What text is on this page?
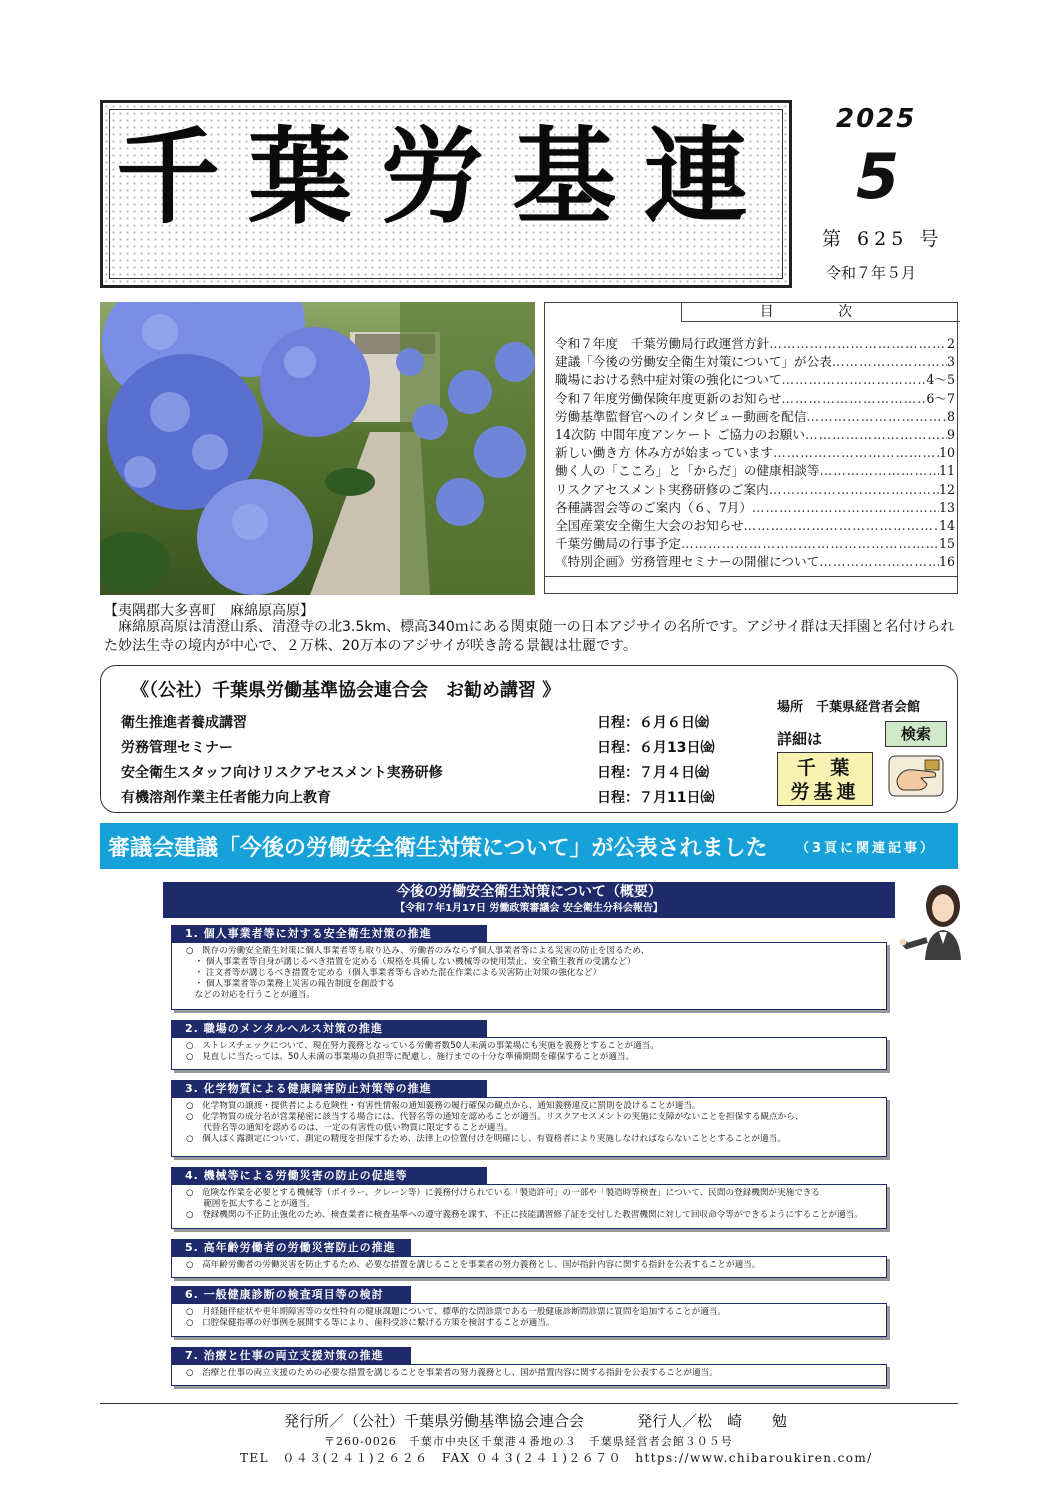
千葉労基連	2025
5
第 625 号
令和７年５月
目 次
令和７年度　千葉労働局行政運営方針 …………………………………………………………	2
建議「今後の労働安全衛生対策について」が公表 …………………………………………………………	3
職場における熱中症対策の強化について …………………………………………………………	4～5
令和７年度労働保険年度更新のお知らせ …………………………………………………………	6～7
労働基準監督官へのインタビュー動画を配信 …………………………………………………………	8
14次防 中間年度アンケート ご協力のお願い …………………………………………………………	9
新しい働き方 休み方が始まっています …………………………………………………………	10
働く人の「こころ」と「からだ」の健康相談等 …………………………………………………………	11
リスクアセスメント実務研修のご案内 …………………………………………………………	12
各種講習会等のご案内（６、7月） …………………………………………………………	13
全国産業安全衛生大会のお知らせ …………………………………………………………	14
千葉労働局の行事予定 …………………………………………………………	15
《特別企画》労務管理セミナーの開催について …………………………………………………………	16
【夷隅郡大多喜町　麻綿原高原】
麻綿原高原は清澄山系、清澄寺の北3.5km、標高340ｍにある関東随一の日本アジサイの名所です。アジサイ群は天拝園と名付けられた妙法生寺の境内が中心で、２万株、20万本のアジサイが咲き誇る景観は壮麗です。
《（公社）千葉県労働基準協会連合会　お勧め講習 》
衛生推進者養成講習	日程：６月６日㈮
労務管理セミナー	日程：６月13日㈮
安全衛生スタッフ向けリスクアセスメント実務研修	日程：７月４日㈮
有機溶剤作業主任者能力向上教育	日程：７月11日㈮
場所　千葉県経営者会館
詳細は	検索
千 葉
労基連
審議会建議「今後の労働安全衛生対策について」が公表されました （3頁に関連記事）
今後の労働安全衛生対策について（概要）
【令和７年1月17日 労働政策審議会 安全衛生分科会報告】
1. 個人事業者等に対する安全衛生対策の推進
○　既存の労働安全衛生対策に個人事業者等も取り込み、労働者のみならず個人事業者等による災害の防止を図るため、
　・ 個人事業者等自身が講じるべき措置を定める（規格を具備しない機械等の使用禁止、安全衛生教育の受講など）
　・ 注文者等が講じるべき措置を定める（個人事業者等も含めた混在作業による災害防止対策の強化など）
　・ 個人事業者等の業務上災害の報告制度を創設する
　などの対応を行うことが適当。
2. 職場のメンタルヘルス対策の推進
○　ストレスチェックについて、現在努力義務となっている労働者数50人未満の事業場にも実施を義務とすることが適当。
○　見直しに当たっては、50人未満の事業場の負担等に配慮し、施行までの十分な準備期間を確保することが適当。
3. 化学物質による健康障害防止対策等の推進
○　化学物質の譲渡・提供者による危険性・有害性情報の通知義務の履行確保の観点から、通知義務違反に罰則を設けることが適当。
○　化学物質の成分名が営業秘密に該当する場合には、代替名等の通知を認めることが適当。リスクアセスメントの実施に支障がないことを担保する観点から、
　　代替名等の通知を認めるのは、一定の有害性の低い物質に限定することが適当。
○　個人ばく露測定について、測定の精度を担保するため、法律上の位置付けを明確にし、有資格者により実施しなければならないこととすることが適当。
4. 機械等による労働災害の防止の促進等
○　危険な作業を必要とする機械等（ボイラー、クレーン等）に義務付けられている「製造許可」の一部や「製造時等検査」について、民間の登録機関が実施できる
　　範囲を拡大することが適当。
○　登録機関の不正防止強化のため、検査業者に検査基準への遵守義務を課す、不正に技能講習修了証を交付した教習機関に対して回収命令等ができるようにすることが適当。
5. 高年齢労働者の労働災害防止の推進
○　高年齢労働者の労働災害を防止するため、必要な措置を講じることを事業者の努力義務とし、国が指針内容に関する指針を公表することが適当。
6. 一般健康診断の検査項目等の検討
○　月経随伴症状や更年期障害等の女性特有の健康課題について、標準的な問診票である一般健康診断問診票に質問を追加することが適当。
○　口腔保健指導の好事例を展開する等により、歯科受診に繋げる方策を検討することが適当。
7. 治療と仕事の両立支援対策の推進
○　治療と仕事の両立支援のための必要な措置を講じることを事業者の努力義務とし、国が措置内容に関する指針を公表することが適当。
発行所／（公社）千葉県労働基準協会連合会	発行人／松　崎　　勉
〒260-0026　千葉市中央区千葉港４番地の３　千葉県経営者会館３０５号
TEL　０４３(２４１)２６２６　FAX ０４３(２４１)２６７０　https://www.chibaroukiren.com/
